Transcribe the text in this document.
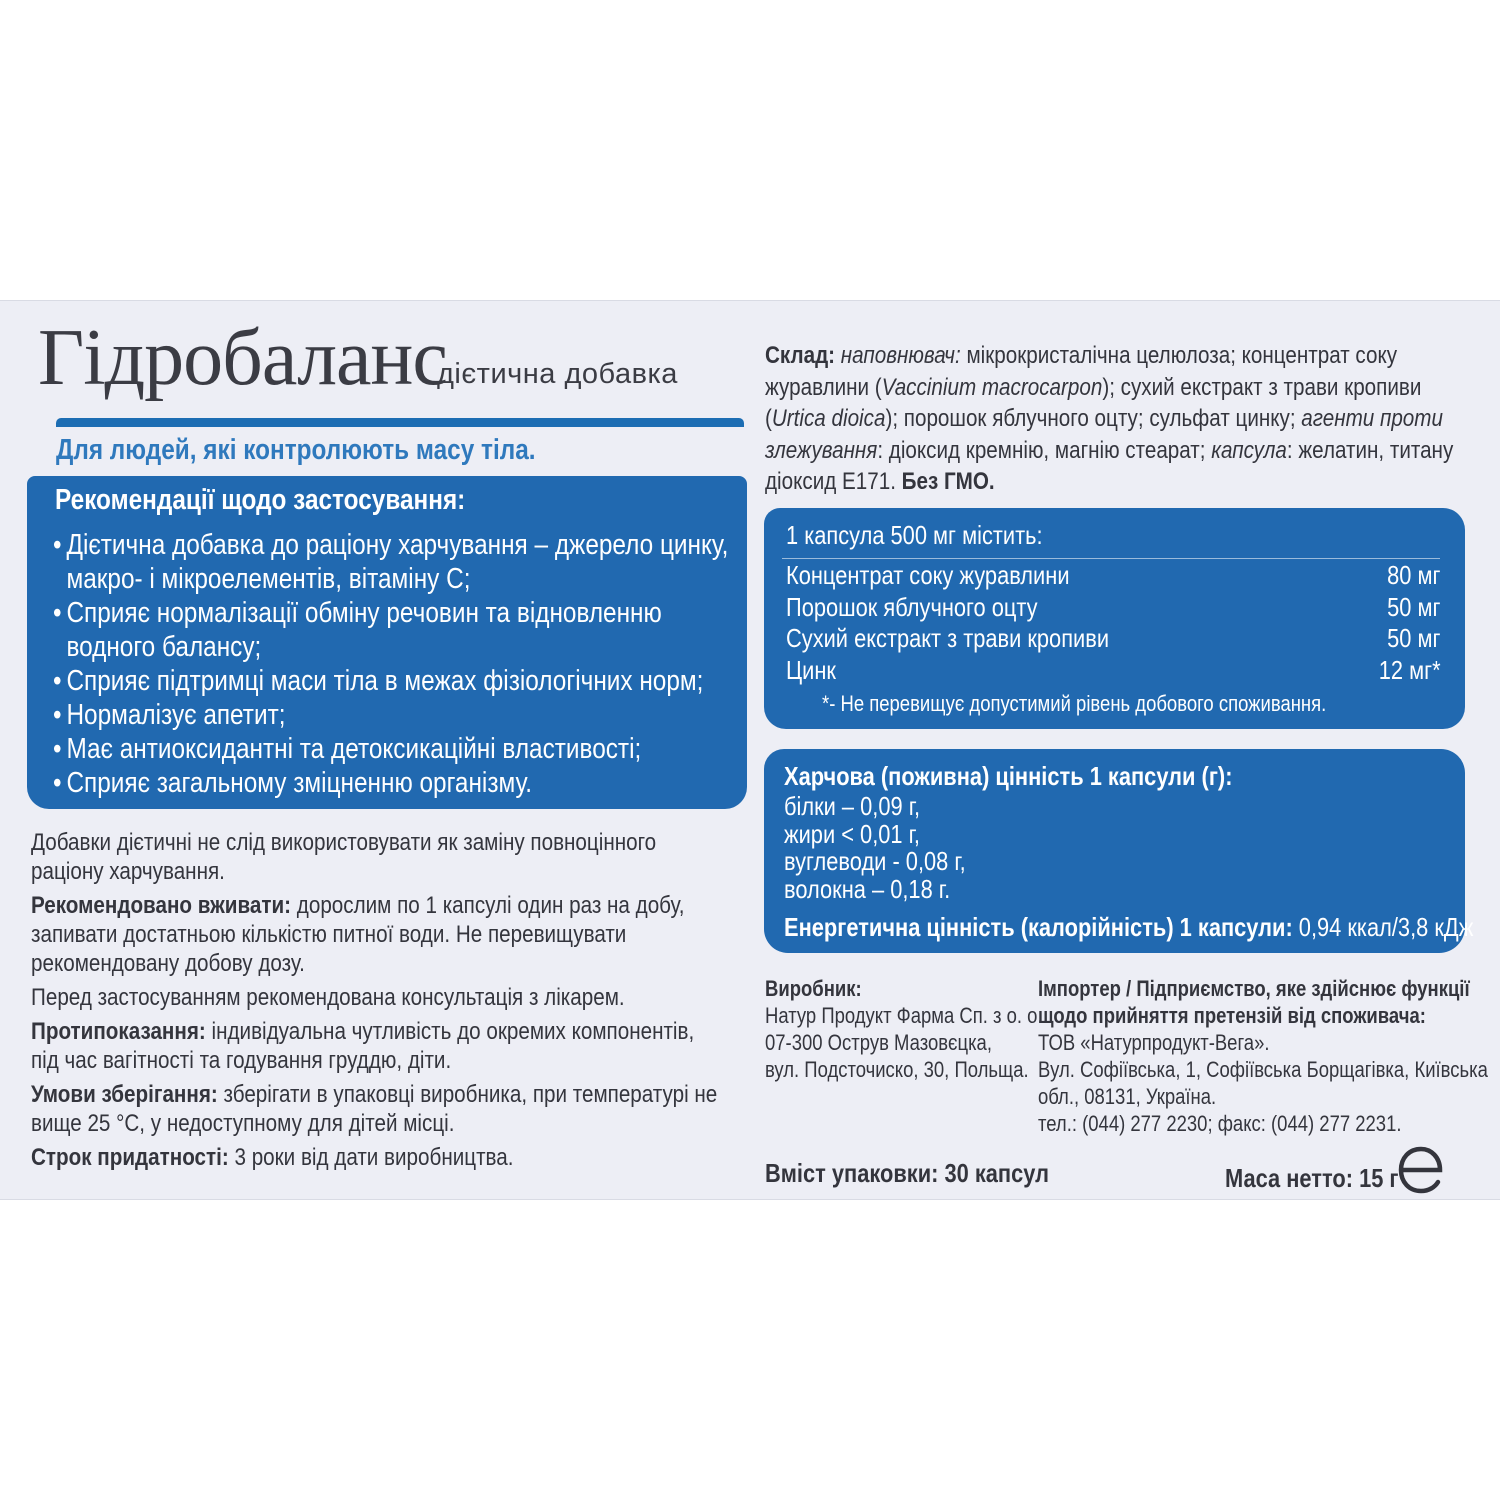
Гідробаланс
дієтична добавка
Для людей, які контролюють масу тіла.
Рекомендації щодо застосування:
• Дієтична добавка до раціону харчування – джерело цинку,
макро- і мікроелементів, вітаміну С;
• Сприяє нормалізації обміну речовин та відновленню
водного балансу;
• Сприяє підтримці маси тіла в межах фізіологічних норм;
• Нормалізує апетит;
• Має антиоксидантні та детоксикаційні властивості;
• Сприяє загальному зміцненню організму.

Добавки дієтичні не слід використовувати як заміну повноцінного
раціону харчування.

Рекомендовано вживати: дорослим по 1 капсулі один раз на добу,
запивати достатньою кількістю питної води. Не перевищувати
рекомендовану добову дозу.

Перед застосуванням рекомендована консультація з лікарем.

Протипоказання: індивідуальна чутливість до окремих компонентів,
під час вагітності та годування груддю, діти.

Умови зберігання: зберігати в упаковці виробника, при температурі не
вище 25 °С, у недоступному для дітей місці.

Строк придатності: 3 роки від дати виробництва.

Склад: наповнювач: мікрокристалічна целюлоза; концентрат соку
журавлини (Vaccinium macrocarpon); сухий екстракт з трави кропиви
(Urtica dioica); порошок яблучного оцту; сульфат цинку; агенти проти
злежування: діоксид кремнію, магнію стеарат; капсула: желатин, титану
діоксид Е171. Без ГМО.
1 капсула 500 мг містить:
Концентрат соку журавлини	80 мг
Порошок яблучного оцту	50 мг
Сухий екстракт з трави кропиви	50 мг
Цинк	12 мг*
*- Не перевищує допустимий рівень добового споживання.
Харчова (поживна) цінність 1 капсули (г):
білки – 0,09 г,
жири < 0,01 г,
вуглеводи - 0,08 г,
волокна – 0,18 г.
Енергетична цінність (калорійність) 1 капсули: 0,94 ккал/3,8 кДж
Виробник:
Натур Продукт Фарма Сп. з о. о.
07-300 Острув Мазовєцка,
вул. Подсточиско, 30, Польща.
Імпортер / Підприємство, яке здійснює функції
щодо прийняття претензій від споживача:
ТОВ «Натурпродукт-Вега».
Вул. Софіївська, 1, Софіївська Борщагівка, Київська
обл., 08131, Україна.
тел.: (044) 277 2230; факс: (044) 277 2231.
Вміст упаковки: 30 капсул	Маса нетто: 15 г
